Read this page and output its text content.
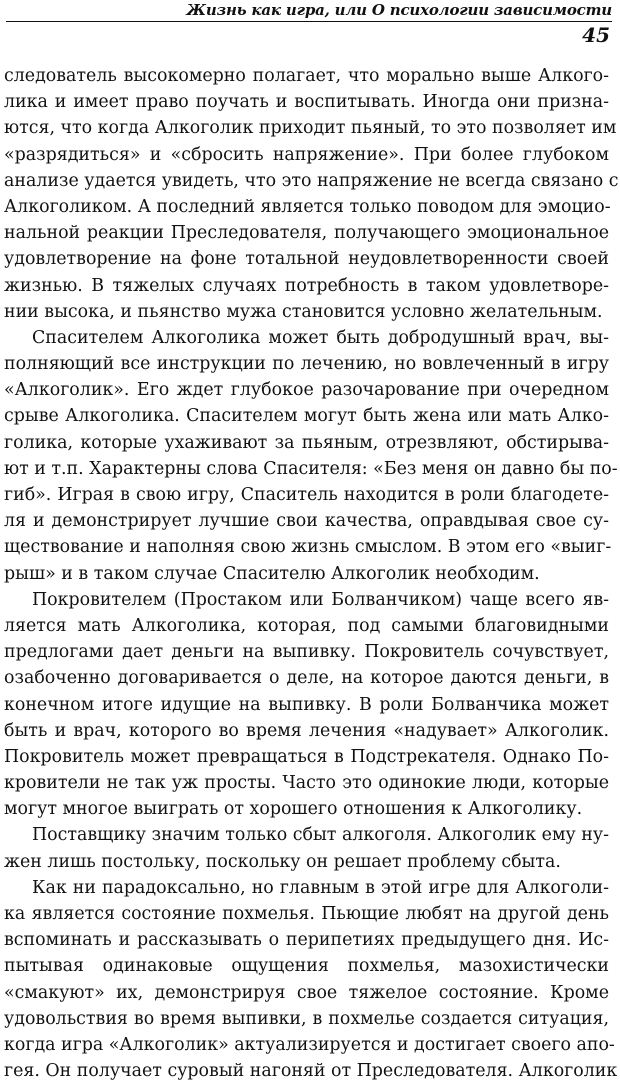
Жизнь как игра, или О психологии зависимости
45
следователь высокомерно полагает, что морально выше Алкого-
лика и имеет право поучать и воспитывать. Иногда они призна-
ются, что когда Алкоголик приходит пьяный, то это позволяет им
«разрядиться» и «сбросить напряжение». При более глубоком
анализе удается увидеть, что это напряжение не всегда связано с
Алкоголиком. А последний является только поводом для эмоцио-
нальной реакции Преследователя, получающего эмоциональное
удовлетворение на фоне тотальной неудовлетворенности своей
жизнью. В тяжелых случаях потребность в таком удовлетворе-
нии высока, и пьянство мужа становится условно желательным.
Спасителем Алкоголика может быть добродушный врач, вы-
полняющий все инструкции по лечению, но вовлеченный в игру
«Алкоголик». Его ждет глубокое разочарование при очередном
срыве Алкоголика. Спасителем могут быть жена или мать Алко-
голика, которые ухаживают за пьяным, отрезвляют, обстирыва-
ют и т.п. Характерны слова Спасителя: «Без меня он давно бы по-
гиб». Играя в свою игру, Спаситель находится в роли благодете-
ля и демонстрирует лучшие свои качества, оправдывая свое су-
ществование и наполняя свою жизнь смыслом. В этом его «выиг-
рыш» и в таком случае Спасителю Алкоголик необходим.
Покровителем (Простаком или Болванчиком) чаще всего яв-
ляется мать Алкоголика, которая, под самыми благовидными
предлогами дает деньги на выпивку. Покровитель сочувствует,
озабоченно договаривается о деле, на которое даются деньги, в
конечном итоге идущие на выпивку. В роли Болванчика может
быть и врач, которого во время лечения «надувает» Алкоголик.
Покровитель может превращаться в Подстрекателя. Однако По-
кровители не так уж просты. Часто это одинокие люди, которые
могут многое выиграть от хорошего отношения к Алкоголику.
Поставщику значим только сбыт алкоголя. Алкоголик ему ну-
жен лишь постольку, поскольку он решает проблему сбыта.
Как ни парадоксально, но главным в этой игре для Алкоголи-
ка является состояние похмелья. Пьющие любят на другой день
вспоминать и рассказывать о перипетиях предыдущего дня. Ис-
пытывая одинаковые ощущения похмелья, мазохистически
«смакуют» их, демонстрируя свое тяжелое состояние. Кроме
удовольствия во время выпивки, в похмелье создается ситуация,
когда игра «Алкоголик» актуализируется и достигает своего апо-
гея. Он получает суровый нагоняй от Преследователя. Алкоголик
